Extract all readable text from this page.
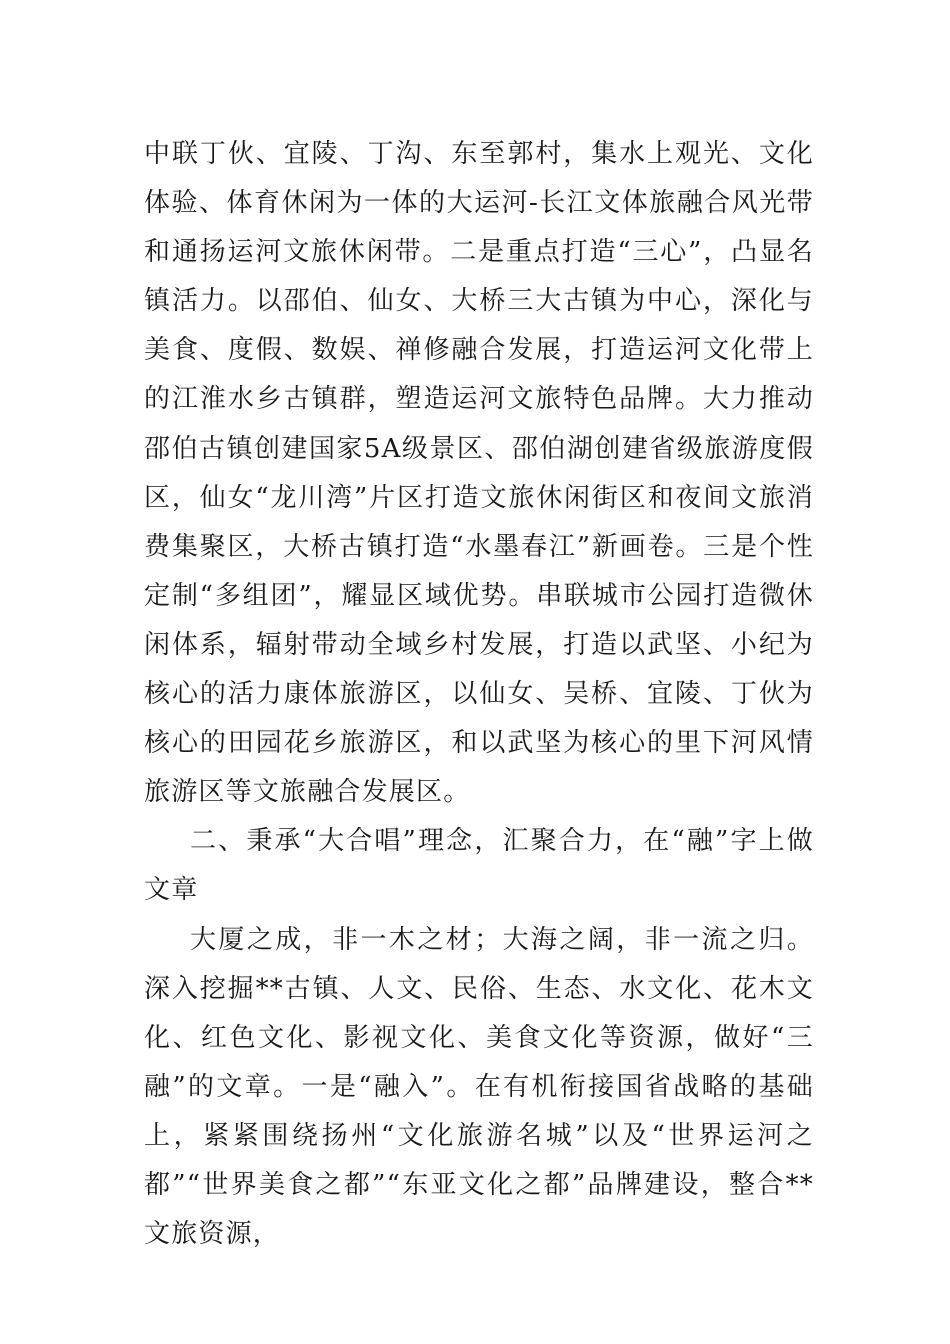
中联丁伙、宜陵、丁沟、东至郭村，集水上观光、文化体验、体育休闲为一体的大运河-长江文体旅融合风光带和通扬运河文旅休闲带。二是重点打造“三心”，凸显名镇活力。以邵伯、仙女、大桥三大古镇为中心，深化与美食、度假、数娱、禅修融合发展，打造运河文化带上的江淮水乡古镇群，塑造运河文旅特色品牌。大力推动邵伯古镇创建国家5A级景区、邵伯湖创建省级旅游度假区，仙女“龙川湾”片区打造文旅休闲街区和夜间文旅消费集聚区，大桥古镇打造“水墨春江”新画卷。三是个性定制“多组团”，耀显区域优势。串联城市公园打造微休闲体系，辐射带动全域乡村发展，打造以武坚、小纪为核心的活力康体旅游区，以仙女、吴桥、宜陵、丁伙为核心的田园花乡旅游区，和以武坚为核心的里下河风情旅游区等文旅融合发展区。

二、秉承“大合唱”理念，汇聚合力，在“融”字上做文章

大厦之成，非一木之材；大海之阔，非一流之归。深入挖掘**古镇、人文、民俗、生态、水文化、花木文化、红色文化、影视文化、美食文化等资源，做好“三融”的文章。一是“融入”。在有机衔接国省战略的基础上，紧紧围绕扬州“文化旅游名城”以及“世界运河之都”“世界美食之都”“东亚文化之都”品牌建设，整合**文旅资源，
